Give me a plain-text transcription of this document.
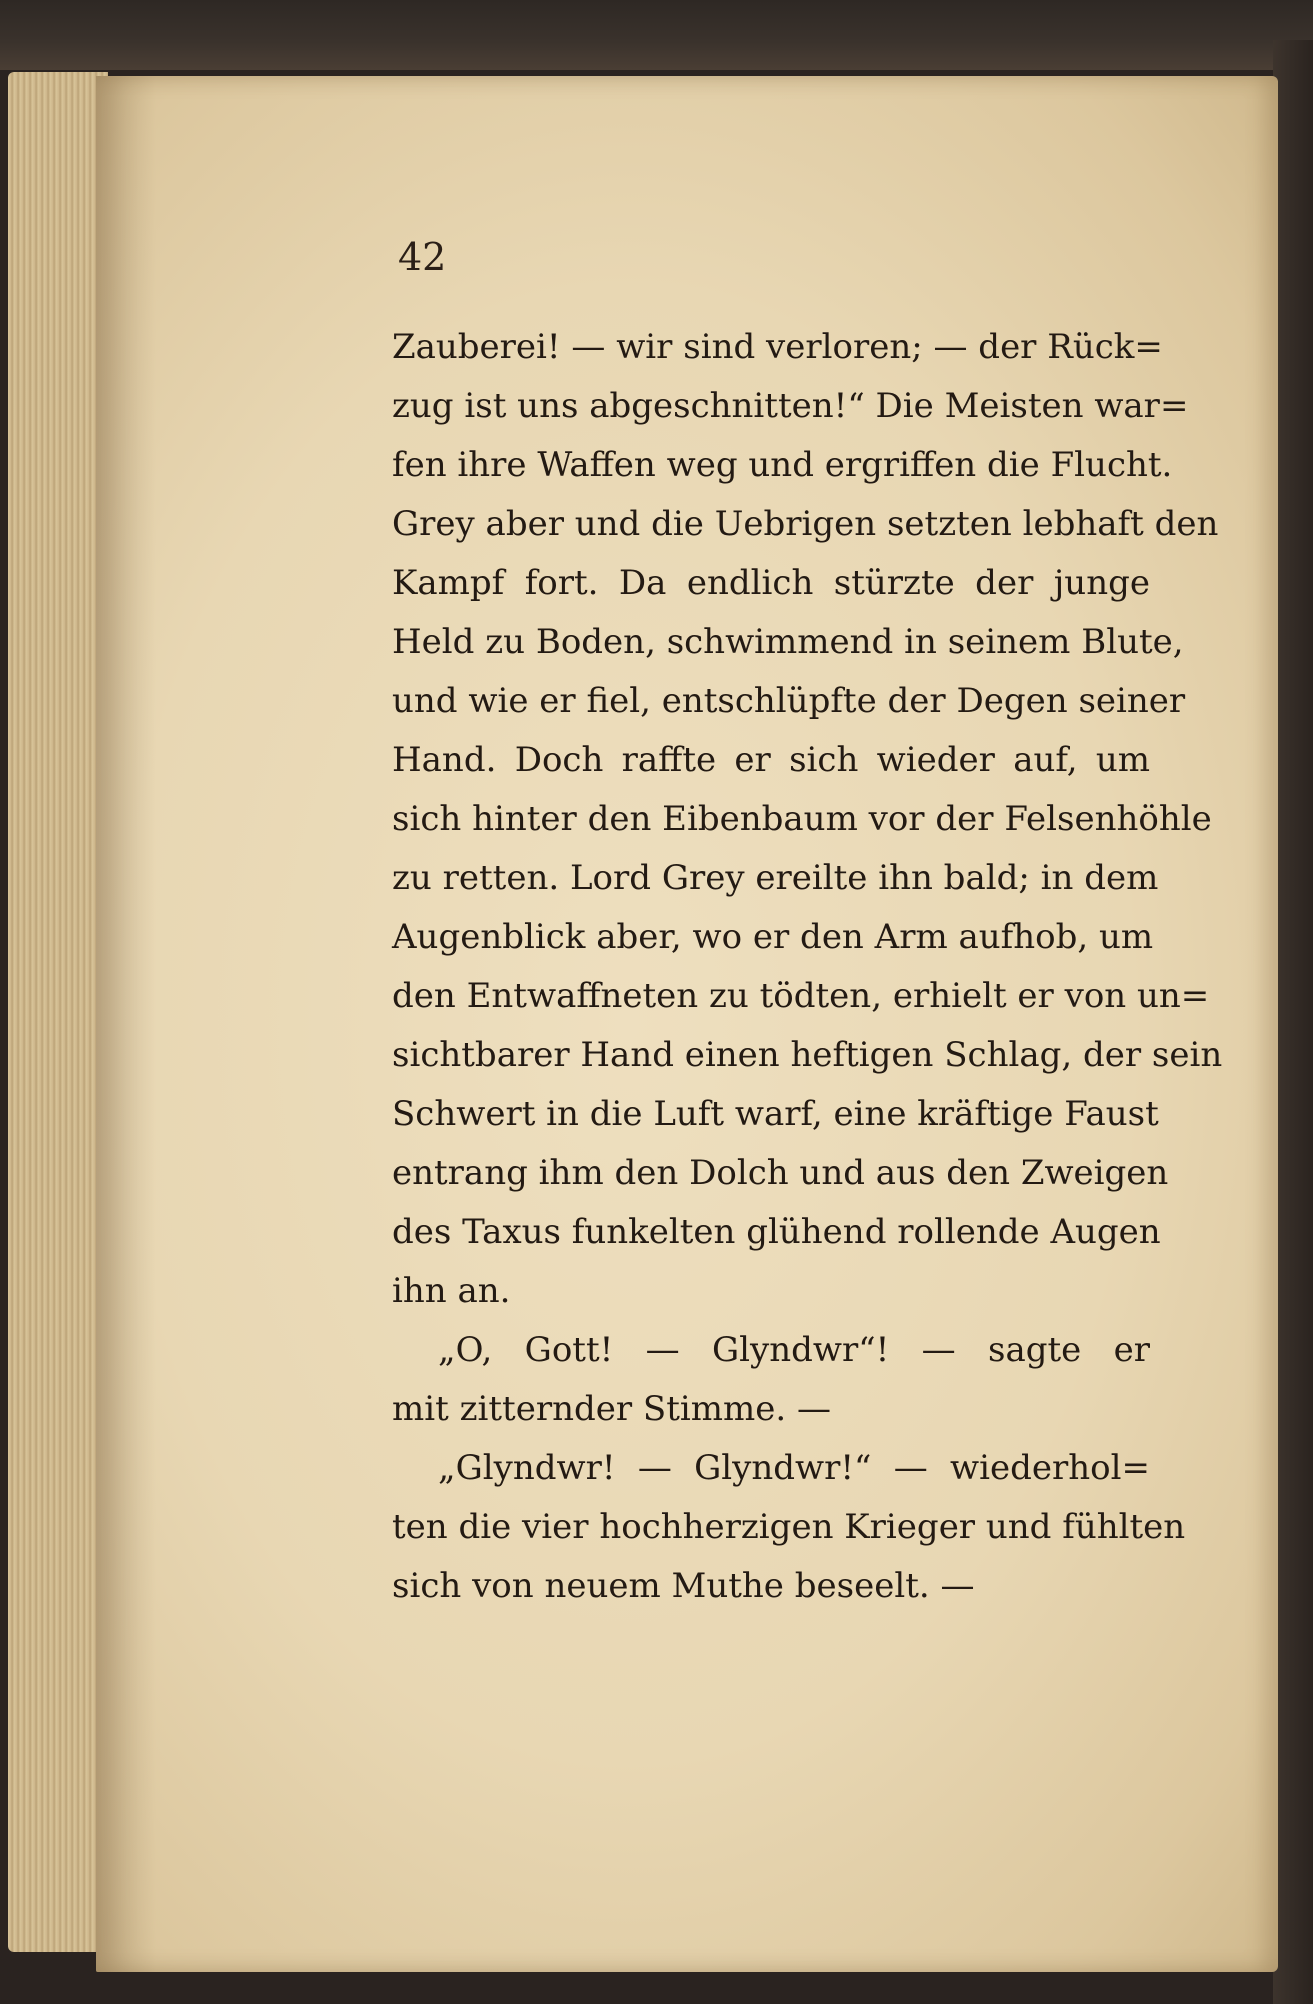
42
Zauberei! — wir sind verloren; — der Rück=
zug ist uns abgeschnitten!“ Die Meisten war=
fen ihre Waffen weg und ergriffen die Flucht.
Grey aber und die Uebrigen setzten lebhaft den
Kampf fort. Da endlich stürzte der junge
Held zu Boden, schwimmend in seinem Blute,
und wie er fiel, entschlüpfte der Degen seiner
Hand. Doch raffte er sich wieder auf, um
sich hinter den Eibenbaum vor der Felsenhöhle
zu retten. Lord Grey ereilte ihn bald; in dem
Augenblick aber, wo er den Arm aufhob, um
den Entwaffneten zu tödten, erhielt er von un=
sichtbarer Hand einen heftigen Schlag, der sein
Schwert in die Luft warf, eine kräftige Faust
entrang ihm den Dolch und aus den Zweigen
des Taxus funkelten glühend rollende Augen
ihn an.
„O, Gott! — Glyndwr“! — sagte er
mit zitternder Stimme. —
„Glyndwr! — Glyndwr!“ — wiederhol=
ten die vier hochherzigen Krieger und fühlten
sich von neuem Muthe beseelt. —
